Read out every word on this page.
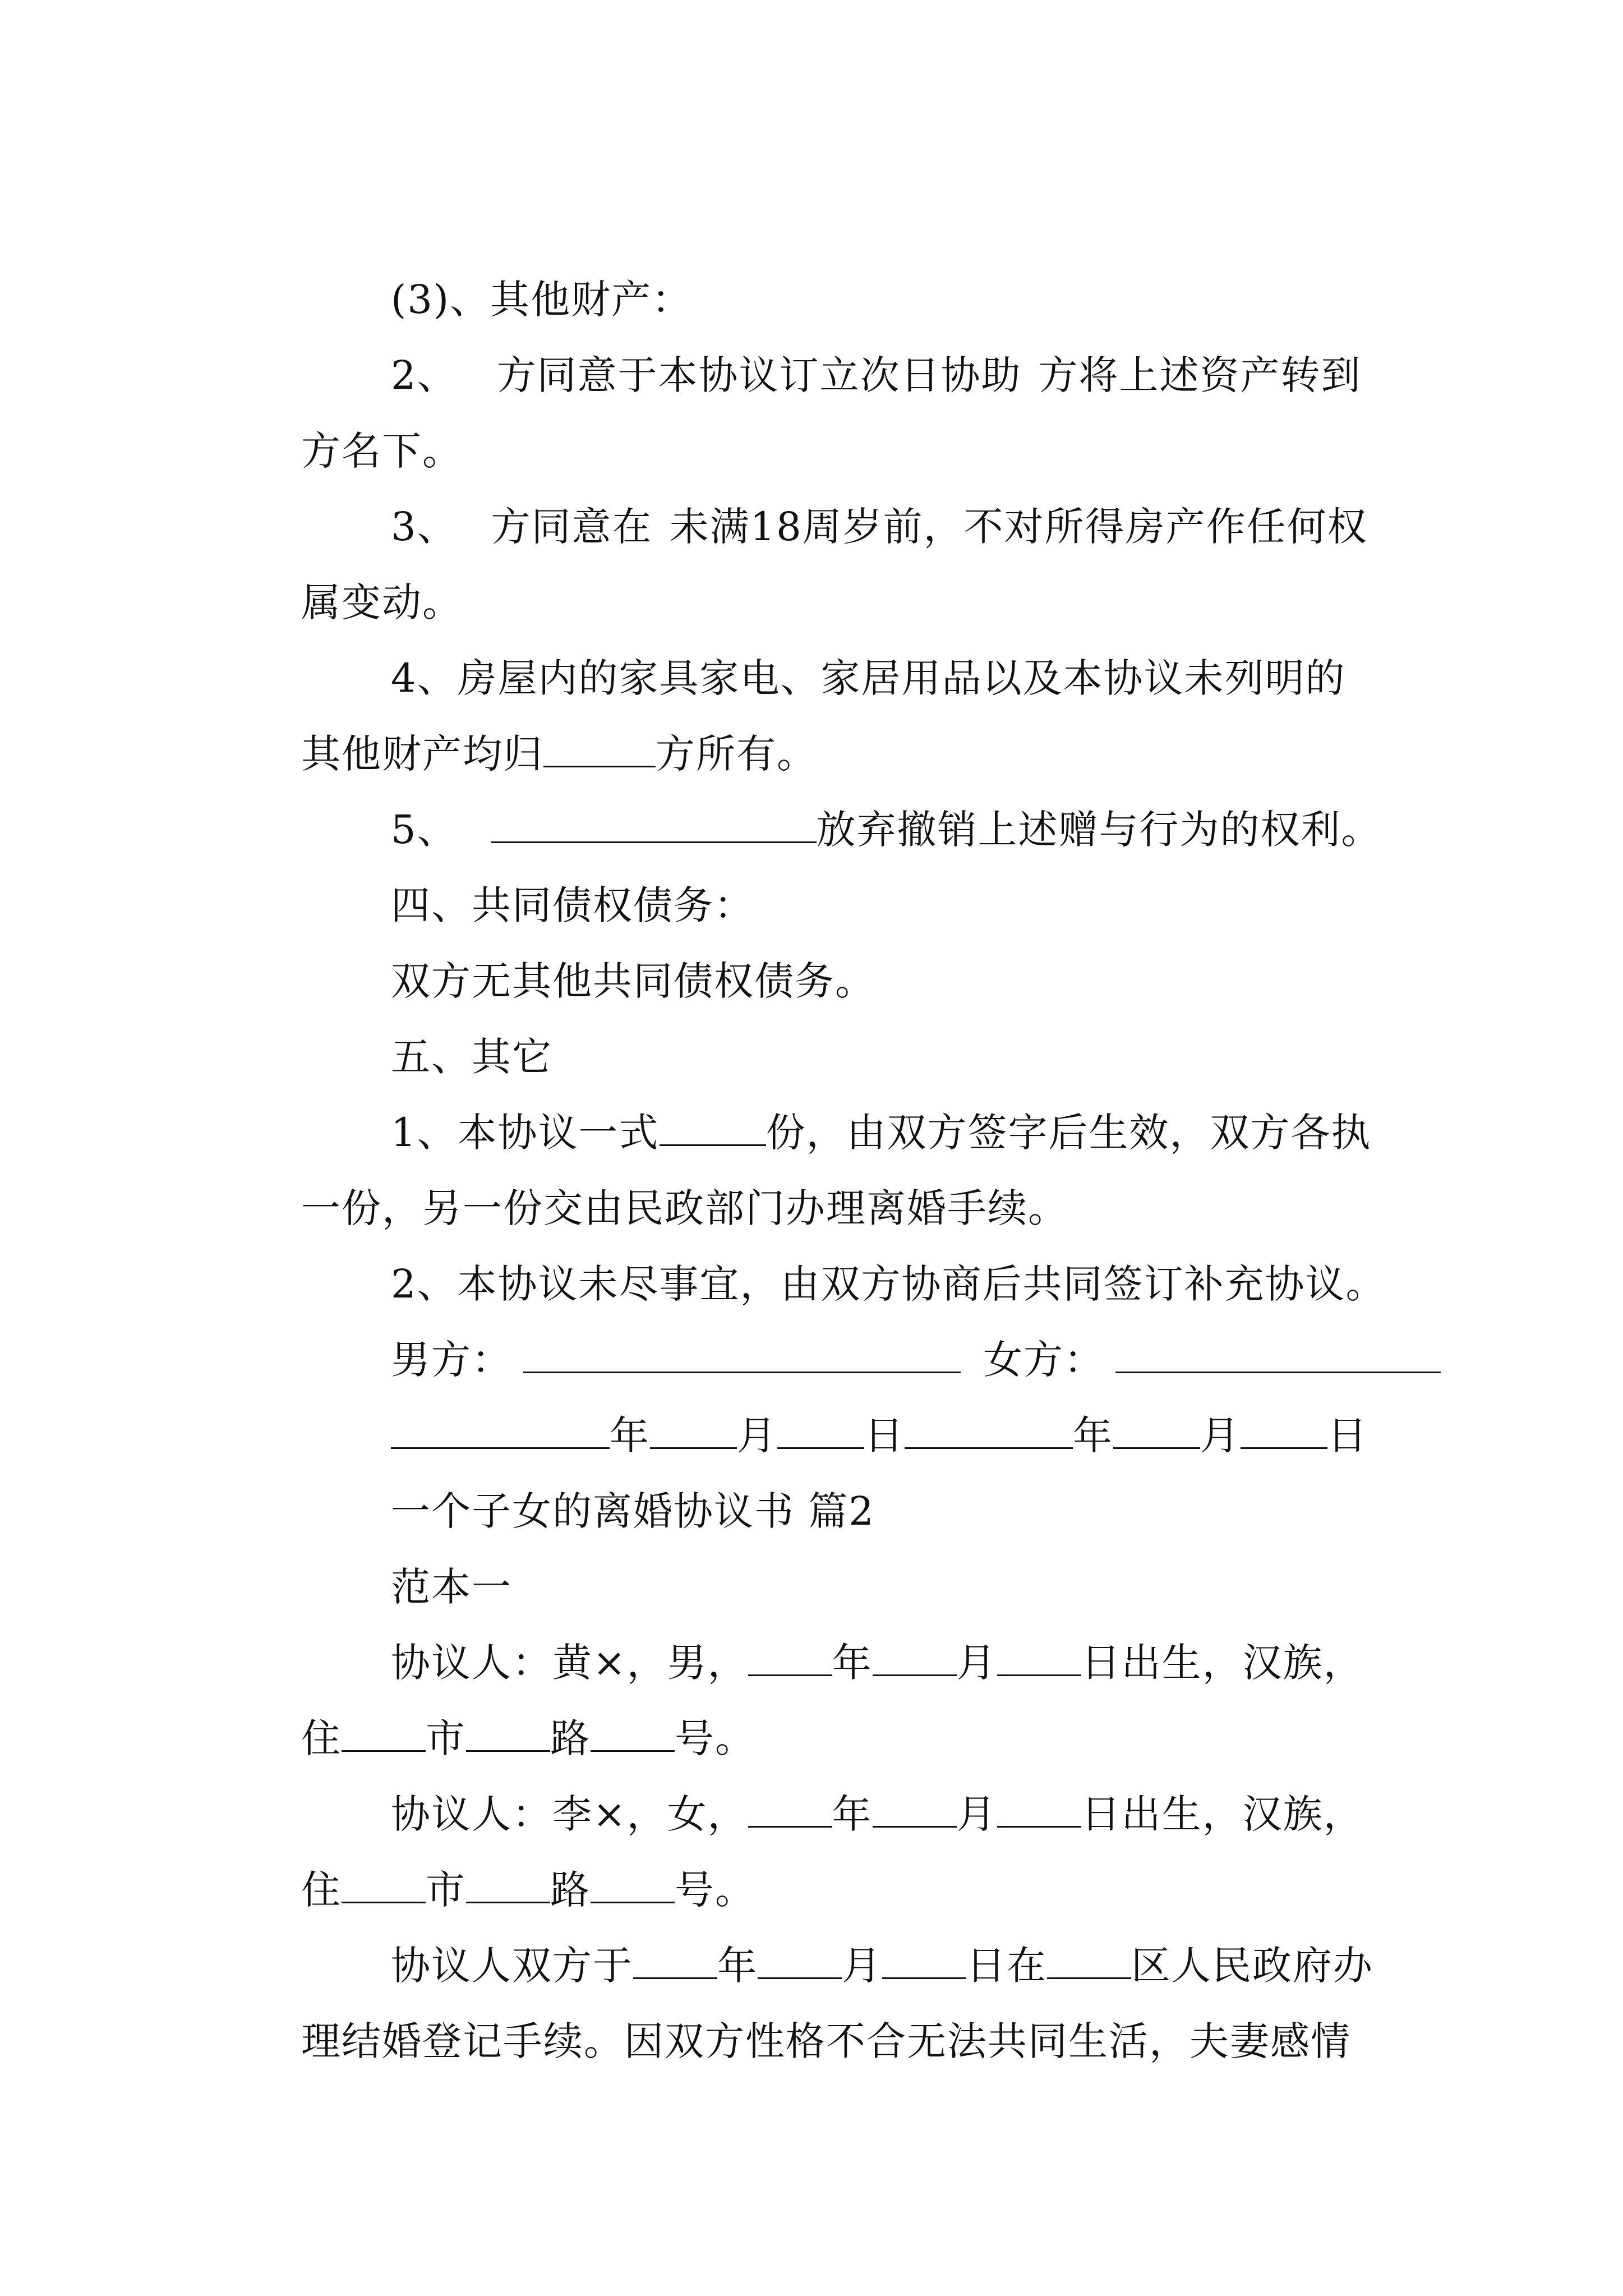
(3)、其他财产：

2、 方同意于本协议订立次日协助 方将上述资产转到

方名下。

3、 方同意在 未满18周岁前，不对所得房产作任何权

属变动。

4、房屋内的家具家电、家居用品以及本协议未列明的

其他财产均归	方所有。

5、	放弃撤销上述赠与行为的权利。

四、共同债权债务：

双方无其他共同债权债务。

五、其它

1、本协议一式	份，由双方签字后生效，双方各执

一份，另一份交由民政部门办理离婚手续。

2、本协议未尽事宜，由双方协商后共同签订补充协议。

男方：	女方：

年 月 日	年 月 日

一个子女的离婚协议书 篇2

范本一

协议人：黄×，男， 年 月 日出生，汉族，

住 市 路 号。

协议人：李×，女， 年 月 日出生，汉族，

住 市 路 号。

协议人双方于 年 月 日在 区人民政府办

理结婚登记手续。因双方性格不合无法共同生活，夫妻感情
